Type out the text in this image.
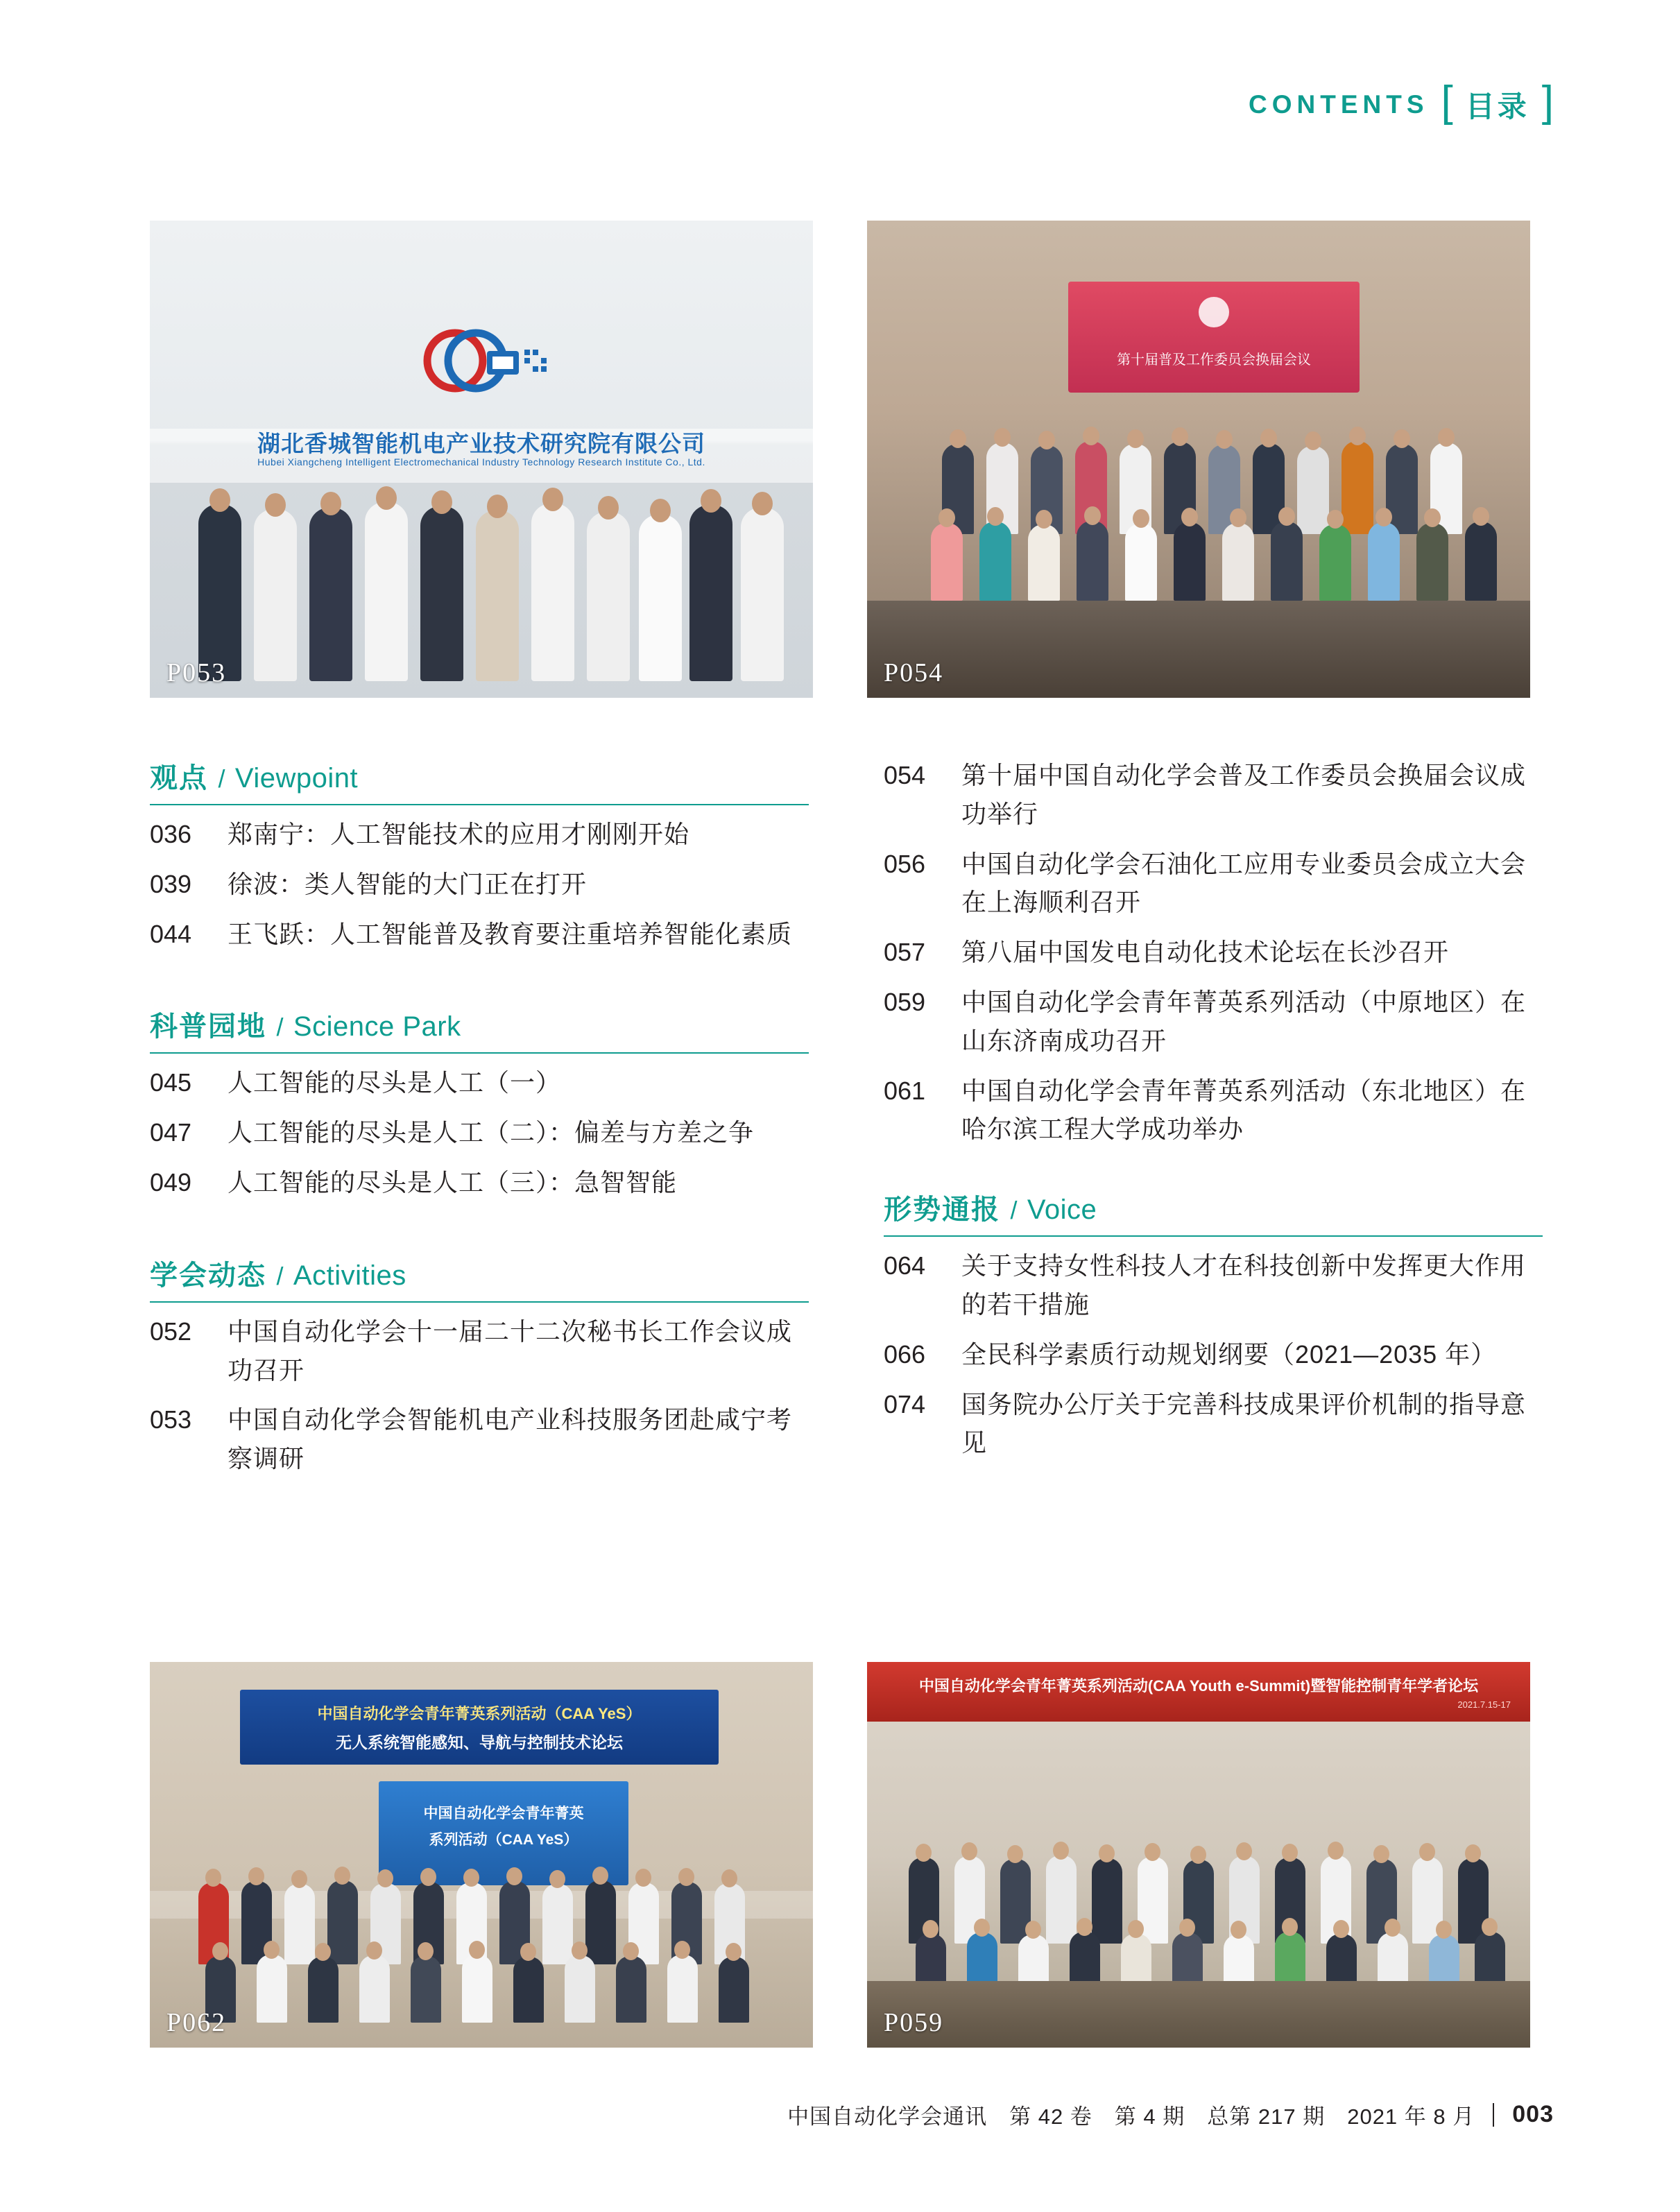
CONTENTS [ 目录 ]
湖北香城智能机电产业技术研究院有限公司
Hubei Xiangcheng Intelligent Electromechanical Industry Technology Research Institute Co., Ltd.
P053
第十届普及工作委员会换届会议
P054
观点 / Viewpoint
036	郑南宁：人工智能技术的应用才刚刚开始
039	徐波：类人智能的大门正在打开
044	王飞跃：人工智能普及教育要注重培养智能化素质
科普园地 / Science Park
045	人工智能的尽头是人工（一）
047	人工智能的尽头是人工（二）：偏差与方差之争
049	人工智能的尽头是人工（三）：急智智能
学会动态 / Activities
052	中国自动化学会十一届二十二次秘书长工作会议成功召开
053	中国自动化学会智能机电产业科技服务团赴咸宁考察调研
054	第十届中国自动化学会普及工作委员会换届会议成功举行
056	中国自动化学会石油化工应用专业委员会成立大会在上海顺利召开
057	第八届中国发电自动化技术论坛在长沙召开
059	中国自动化学会青年菁英系列活动（中原地区）在山东济南成功召开
061	中国自动化学会青年菁英系列活动（东北地区）在哈尔滨工程大学成功举办
形势通报 / Voice
064	关于支持女性科技人才在科技创新中发挥更大作用的若干措施
066	全民科学素质行动规划纲要（2021—2035 年）
074	国务院办公厅关于完善科技成果评价机制的指导意见
中国自动化学会青年菁英系列活动（CAA YeS）
无人系统智能感知、导航与控制技术论坛
中国自动化学会青年菁英
系列活动（CAA YeS）
P062
中国自动化学会青年菁英系列活动(CAA Youth e-Summit)暨智能控制青年学者论坛
2021.7.15-17
P059
中国自动化学会通讯　第 42 卷　第 4 期　总第 217 期　2021 年 8 月 003
